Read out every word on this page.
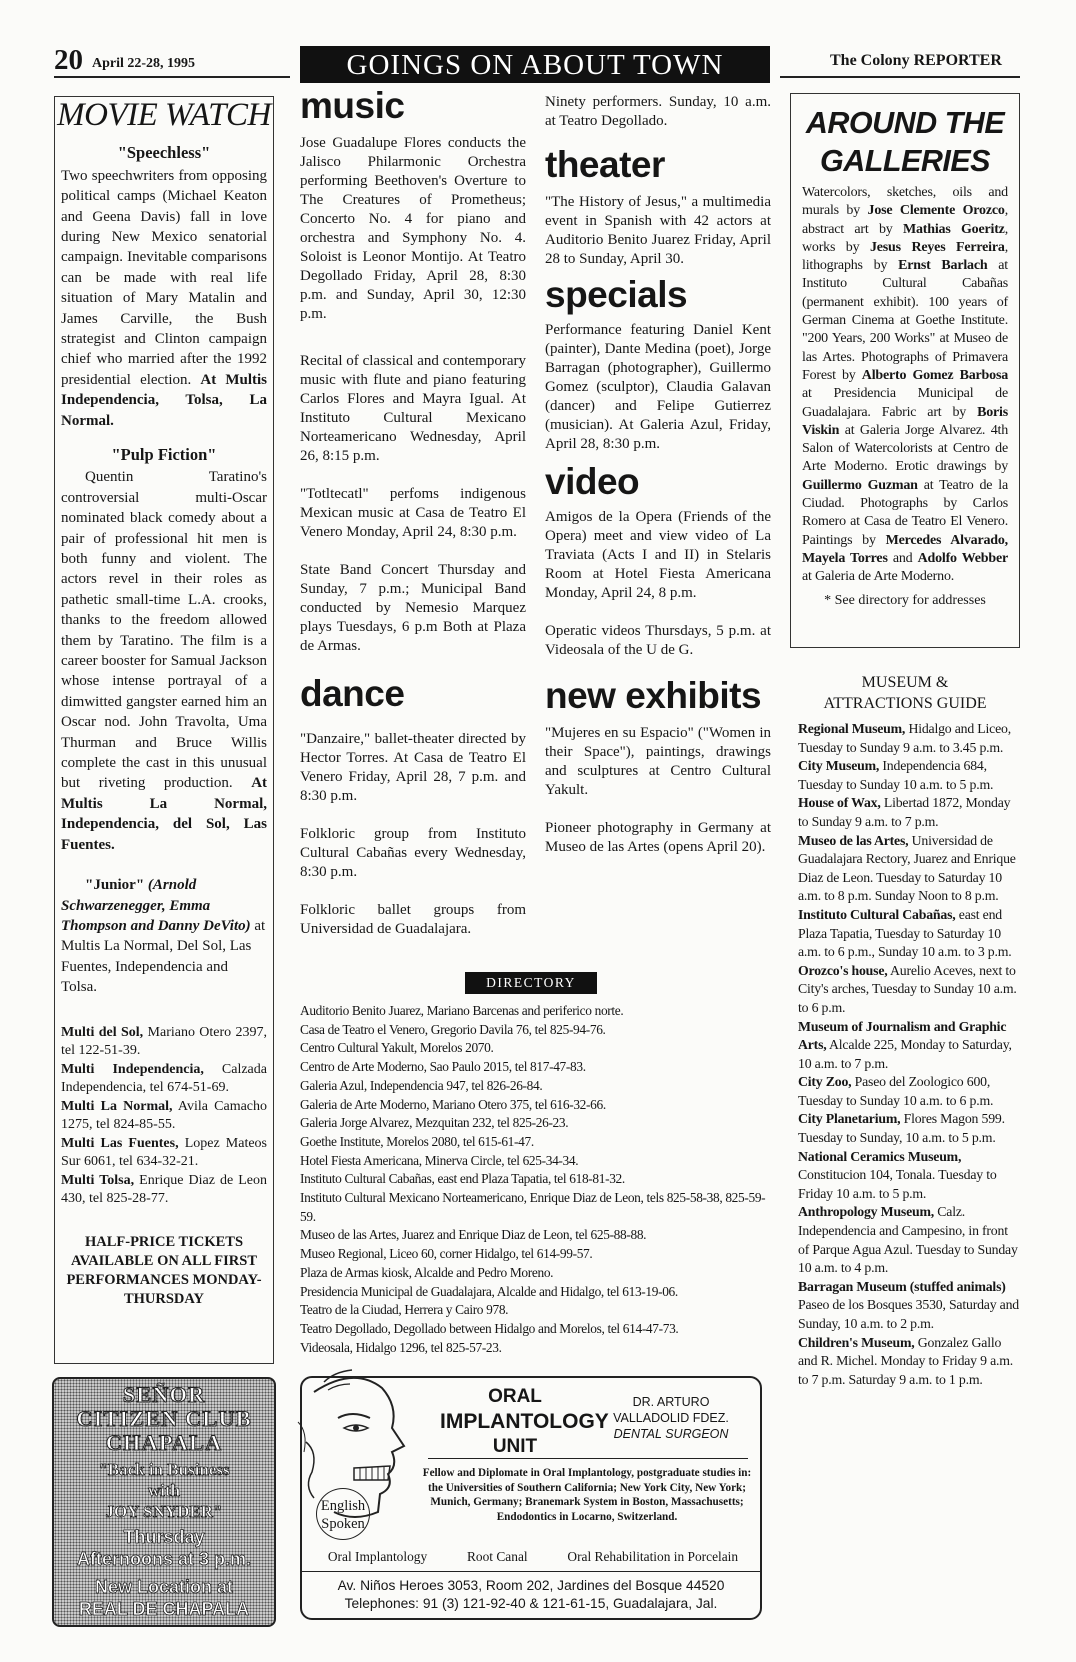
20 April 22-28, 1995	GOINGS ON ABOUT TOWN	The Colony REPORTER

MOVIE WATCH

"Speechless"

Two speechwriters from opposing political camps (Michael Keaton and Geena Davis) fall in love during New Mexico senatorial campaign. Inevitable comparisons can be made with real life situation of Mary Matalin and James Carville, the Bush strategist and Clinton campaign chief who married after the 1992 presidential election. At Multis Independencia, Tolsa, La Normal.

"Pulp Fiction"

Quentin Taratino's controversial multi-Oscar nominated black comedy about a pair of professional hit men is both funny and violent. The actors revel in their roles as pathetic small-time L.A. crooks, thanks to the freedom allowed them by Taratino. The film is a career booster for Samual Jackson whose intense portrayal of a dimwitted gangster earned him an Oscar nod. John Travolta, Uma Thurman and Bruce Willis complete the cast in this unusual but riveting production. At Multis La Normal, Independencia, del Sol, Las Fuentes.

"Junior" (Arnold Schwarzenegger, Emma Thompson and Danny DeVito) at Multis La Normal, Del Sol, Las Fuentes, Independencia and Tolsa.

Multi del Sol, Mariano Otero 2397, tel 122-51-39.

Multi Independencia, Calzada Independencia, tel 674-51-69.

Multi La Normal, Avila Camacho 1275, tel 824-85-55.

Multi Las Fuentes, Lopez Mateos Sur 6061, tel 634-32-21.

Multi Tolsa, Enrique Diaz de Leon 430, tel 825-28-77.

HALF-PRICE TICKETS AVAILABLE ON ALL FIRST PERFORMANCES MONDAY-THURSDAY

SEÑOR
CITIZEN CLUB
CHAPALA
"Back in Business
with
JOY SNYDER"
Thursday
Afternoons at 3 p.m.
New Location at
REAL DE CHAPALA
music

Jose Guadalupe Flores conducts the Jalisco Philarmonic Orchestra performing Beethoven's Overture to The Creatures of Prometheus; Concerto No. 4 for piano and orchestra and Symphony No. 4. Soloist is Leonor Montijo. At Teatro Degollado Friday, April 28, 8:30 p.m. and Sunday, April 30, 12:30 p.m.

Recital of classical and contemporary music with flute and piano featuring Carlos Flores and Mayra Igual. At Instituto Cultural Mexicano Norteamericano Wednesday, April 26, 8:15 p.m.

"Totltecatl" perfoms indigenous Mexican music at Casa de Teatro El Venero Monday, April 24, 8:30 p.m.

State Band Concert Thursday and Sunday, 7 p.m.; Municipal Band conducted by Nemesio Marquez plays Tuesdays, 6 p.m Both at Plaza de Armas.

dance

"Danzaire," ballet-theater directed by Hector Torres. At Casa de Teatro El Venero Friday, April 28, 7 p.m. and 8:30 p.m.

Folkloric group from Instituto Cultural Cabañas every Wednesday, 8:30 p.m.

Folkloric ballet groups from Universidad de Guadalajara.

Ninety performers. Sunday, 10 a.m. at Teatro Degollado.

theater

"The History of Jesus," a multimedia event in Spanish with 42 actors at Auditorio Benito Juarez Friday, April 28 to Sunday, April 30.

specials

Performance featuring Daniel Kent (painter), Dante Medina (poet), Jorge Barragan (photographer), Guillermo Gomez (sculptor), Claudia Galavan (dancer) and Felipe Gutierrez (musician). At Galeria Azul, Friday, April 28, 8:30 p.m.

video

Amigos de la Opera (Friends of the Opera) meet and view video of La Traviata (Acts I and II) in Stelaris Room at Hotel Fiesta Americana Monday, April 24, 8 p.m.

Operatic videos Thursdays, 5 p.m. at Videosala of the U de G.

new exhibits

"Mujeres en su Espacio" ("Women in their Space"), paintings, drawings and sculptures at Centro Cultural Yakult.

Pioneer photography in Germany at Museo de las Artes (opens April 20).

DIRECTORY

Auditorio Benito Juarez, Mariano Barcenas and periferico norte.

Casa de Teatro el Venero, Gregorio Davila 76, tel 825-94-76.

Centro Cultural Yakult, Morelos 2070.

Centro de Arte Moderno, Sao Paulo 2015, tel 817-47-83.

Galeria Azul, Independencia 947, tel 826-26-84.

Galeria de Arte Moderno, Mariano Otero 375, tel 616-32-66.

Galeria Jorge Alvarez, Mezquitan 232, tel 825-26-23.

Goethe Institute, Morelos 2080, tel 615-61-47.

Hotel Fiesta Americana, Minerva Circle, tel 625-34-34.

Instituto Cultural Cabañas, east end Plaza Tapatia, tel 618-81-32.

Instituto Cultural Mexicano Norteamericano, Enrique Diaz de Leon, tels 825-58-38, 825-59-59.

Museo de las Artes, Juarez and Enrique Diaz de Leon, tel 625-88-88.

Museo Regional, Liceo 60, corner Hidalgo, tel 614-99-57.

Plaza de Armas kiosk, Alcalde and Pedro Moreno.

Presidencia Municipal de Guadalajara, Alcalde and Hidalgo, tel 613-19-06.

Teatro de la Ciudad, Herrera y Cairo 978.

Teatro Degollado, Degollado between Hidalgo and Morelos, tel 614-47-73.

Videosala, Hidalgo 1296, tel 825-57-23.

ORAL
IMPLANTOLOGY
UNIT
DR. ARTURO
VALLADOLID FDEZ.
DENTAL SURGEON
English
Spoken
Fellow and Diplomate in Oral Implantology, postgraduate studies in: the Universities of Southern California; New York City, New York; Munich, Germany; Branemark System in Boston, Massachusetts; Endodontics in Locarno, Switzerland.
Oral Implantology	Root Canal	Oral Rehabilitation in Porcelain
Av. Niños Heroes 3053, Room 202, Jardines del Bosque 44520
Telephones: 91 (3) 121-92-40 & 121-61-15, Guadalajara, Jal.
AROUND THE
GALLERIES
Watercolors, sketches, oils and murals by Jose Clemente Orozco, abstract art by Mathias Goeritz, works by Jesus Reyes Ferreira, lithographs by Ernst Barlach at Instituto Cultural Cabañas (permanent exhibit). 100 years of German Cinema at Goethe Institute. "200 Years, 200 Works" at Museo de las Artes. Photographs of Primavera Forest by Alberto Gomez Barbosa at Presidencia Municipal de Guadalajara. Fabric art by Boris Viskin at Galeria Jorge Alvarez. 4th Salon of Watercolorists at Centro de Arte Moderno. Erotic drawings by Guillermo Guzman at Teatro de la Ciudad. Photographs by Carlos Romero at Casa de Teatro El Venero. Paintings by Mercedes Alvarado, Mayela Torres and Adolfo Webber at Galeria de Arte Moderno.
* See directory for addresses
MUSEUM &
ATTRACTIONS GUIDE

Regional Museum, Hidalgo and Liceo, Tuesday to Sunday 9 a.m. to 3.45 p.m.

City Museum, Independencia 684, Tuesday to Sunday 10 a.m. to 5 p.m.

House of Wax, Libertad 1872, Monday to Sunday 9 a.m. to 7 p.m.

Museo de las Artes, Universidad de Guadalajara Rectory, Juarez and Enrique Diaz de Leon. Tuesday to Saturday 10 a.m. to 8 p.m. Sunday Noon to 8 p.m.

Instituto Cultural Cabañas, east end Plaza Tapatia, Tuesday to Saturday 10 a.m. to 6 p.m., Sunday 10 a.m. to 3 p.m.

Orozco's house, Aurelio Aceves, next to City's arches, Tuesday to Sunday 10 a.m. to 6 p.m.

Museum of Journalism and Graphic Arts, Alcalde 225, Monday to Saturday, 10 a.m. to 7 p.m.

City Zoo, Paseo del Zoologico 600, Tuesday to Sunday 10 a.m. to 6 p.m.

City Planetarium, Flores Magon 599. Tuesday to Sunday, 10 a.m. to 5 p.m.

National Ceramics Museum, Constitucion 104, Tonala. Tuesday to Friday 10 a.m. to 5 p.m.

Anthropology Museum, Calz. Independencia and Campesino, in front of Parque Agua Azul. Tuesday to Sunday 10 a.m. to 4 p.m.

Barragan Museum (stuffed animals) Paseo de los Bosques 3530, Saturday and Sunday, 10 a.m. to 2 p.m.

Children's Museum, Gonzalez Gallo and R. Michel. Monday to Friday 9 a.m. to 7 p.m. Saturday 9 a.m. to 1 p.m.
